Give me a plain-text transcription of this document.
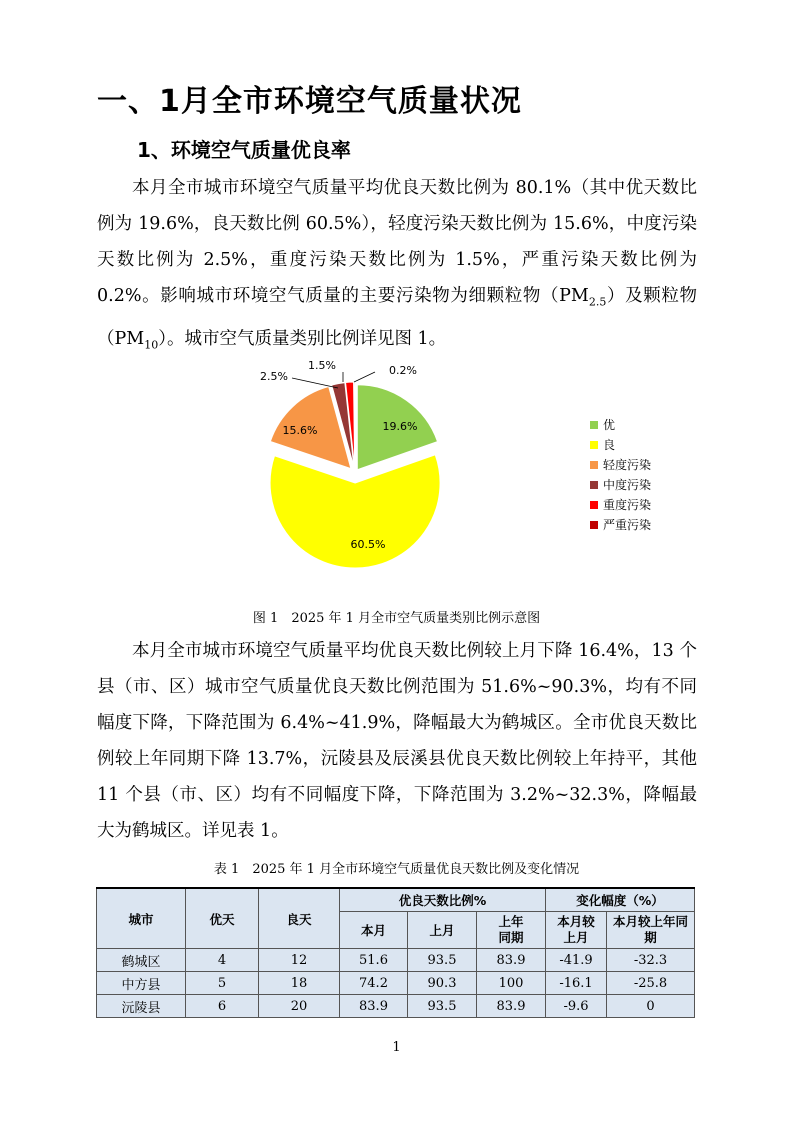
一、1月全市环境空气质量状况
1、环境空气质量优良率
本月全市城市环境空气质量平均优良天数比例为 80.1%（其中优天数比例为 19.6%，良天数比例 60.5%），轻度污染天数比例为 15.6%，中度污染天数比例为 2.5%，重度污染天数比例为 1.5%，严重污染天数比例为 0.2%。影响城市环境空气质量的主要污染物为细颗粒物$(PM_{2.5})$及颗粒物$(PM_{10})$。城市空气质量类别比例详见图 1。
19.6%
60.5%
15.6%
2.5%
1.5%	0.2%
优
良
轻度污染
中度污染
重度污染
严重污染
图 1　2025 年 1 月全市空气质量类别比例示意图
本月全市城市环境空气质量平均优良天数比例较上月下降 16.4%，13 个县（市、区）城市空气质量优良天数比例范围为 51.6%~90.3%，均有不同幅度下降，下降范围为 6.4%~41.9%，降幅最大为鹤城区。全市优良天数比例较上年同期下降 13.7%，沅陵县及辰溪县优良天数比例较上年持平，其他 11 个县（市、区）均有不同幅度下降，下降范围为 3.2%~32.3%，降幅最大为鹤城区。详见表 1。
表 1　2025 年 1 月全市环境空气质量优良天数比例及变化情况
城市	优天	良天	优良天数比例%			变化幅度（%）	
			本月	上月	上年同期	本月较上月	本月较上年同期
鹤城区	4	12	51.6	93.5	83.9	-41.9	-32.3
中方县	5	18	74.2	90.3	100	-16.1	-25.8
沅陵县	6	20	83.9	93.5	83.9	-9.6	0
1
